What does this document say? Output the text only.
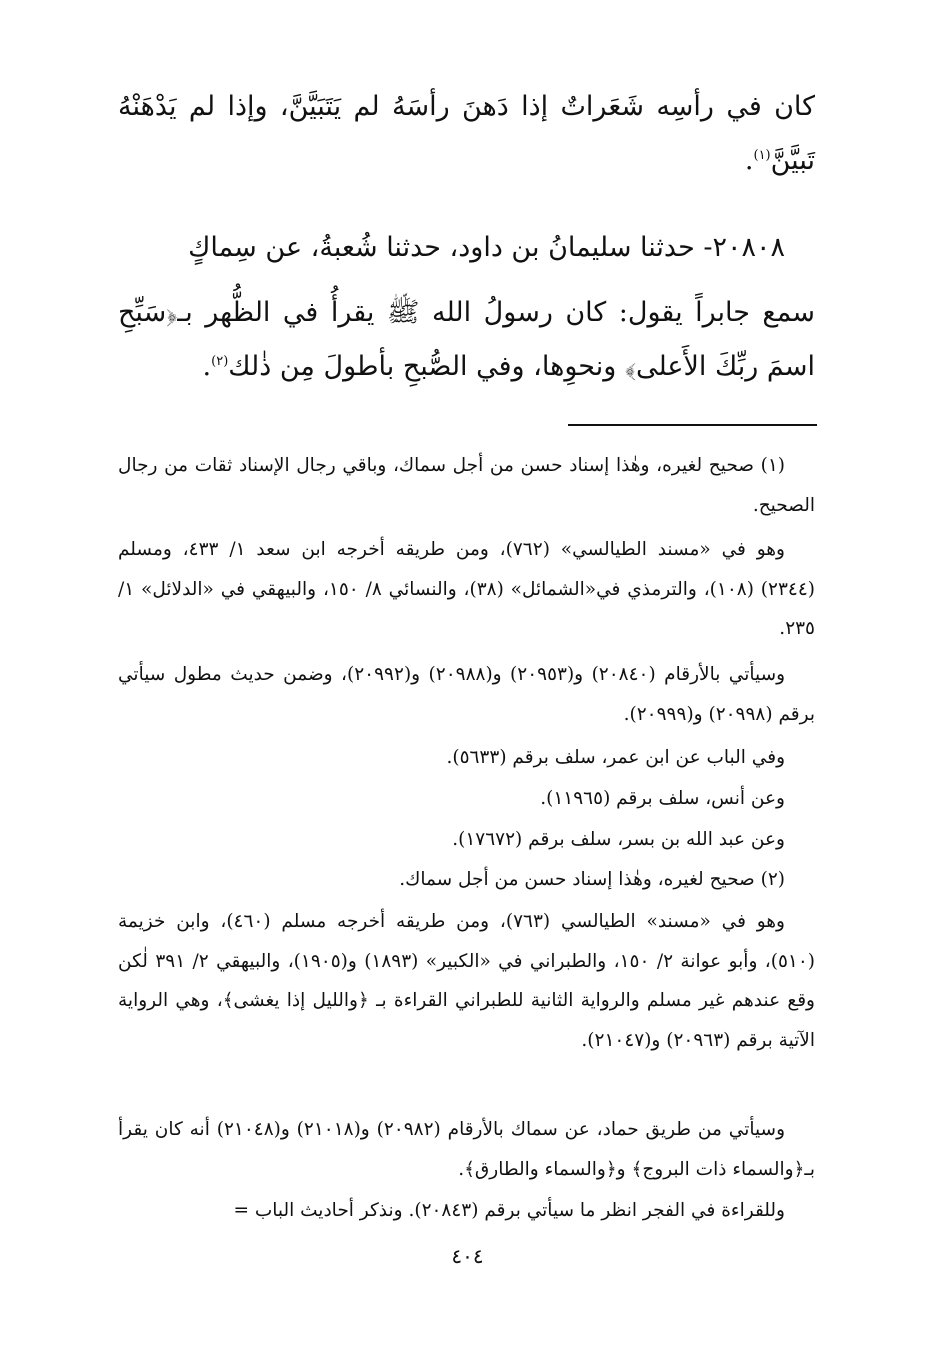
كان في رأسِه شَعَراتٌ إذا دَهنَ رأسَهُ لم يَتَبَيَّنَّ، وإذا لم يَدْهَنْهُ تَبيَّنَّ$^{(١)}$.
٢٠٨٠٨- حدثنا سليمانُ بن داود، حدثنا شُعبةُ، عن سِماكٍ
سمع جابراً يقول: كان رسولُ الله ﷺ يقرأُ في الظُّهر بـ﴿سَبِّحِ اسمَ ربِّكَ الأَعلى﴾ ونحوِها، وفي الصُّبحِ بأطولَ مِن ذٰلك$^{(٢)}$.
(١) صحيح لغيره، وهٰذا إسناد حسن من أجل سماك، وباقي رجال الإسناد ثقات من رجال الصحيح.
وهو في «مسند الطيالسي» (٧٦٢)، ومن طريقه أخرجه ابن سعد ١/ ٤٣٣، ومسلم (٢٣٤٤) (١٠٨)، والترمذي في«الشمائل» (٣٨)، والنسائي ٨/ ١٥٠، والبيهقي في «الدلائل» ١/ ٢٣٥.
وسيأتي بالأرقام (٢٠٨٤٠) و(٢٠٩٥٣) و(٢٠٩٨٨) و(٢٠٩٩٢)، وضمن حديث مطول سيأتي برقم (٢٠٩٩٨) و(٢٠٩٩٩).
وفي الباب عن ابن عمر، سلف برقم (٥٦٣٣).
وعن أنس، سلف برقم (١١٩٦٥).
وعن عبد الله بن بسر، سلف برقم (١٧٦٧٢).
(٢) صحيح لغيره، وهٰذا إسناد حسن من أجل سماك.
وهو في «مسند» الطيالسي (٧٦٣)، ومن طريقه أخرجه مسلم (٤٦٠)، وابن خزيمة (٥١٠)، وأبو عوانة ٢/ ١٥٠، والطبراني في «الكبير» (١٨٩٣) و(١٩٠٥)، والبيهقي ٢/ ٣٩١ لٰكن وقع عندهم غير مسلم والرواية الثانية للطبراني القراءة بـ ﴿والليل إذا يغشى﴾، وهي الرواية الآتية برقم (٢٠٩٦٣) و(٢١٠٤٧).
وسيأتي من طريق حماد، عن سماك بالأرقام (٢٠٩٨٢) و(٢١٠١٨) و(٢١٠٤٨) أنه كان يقرأ بـ﴿والسماء ذات البروج﴾ و﴿والسماء والطارق﴾.
وللقراءة في الفجر انظر ما سيأتي برقم (٢٠٨٤٣). ونذكر أحاديث الباب =
٤٠٤
